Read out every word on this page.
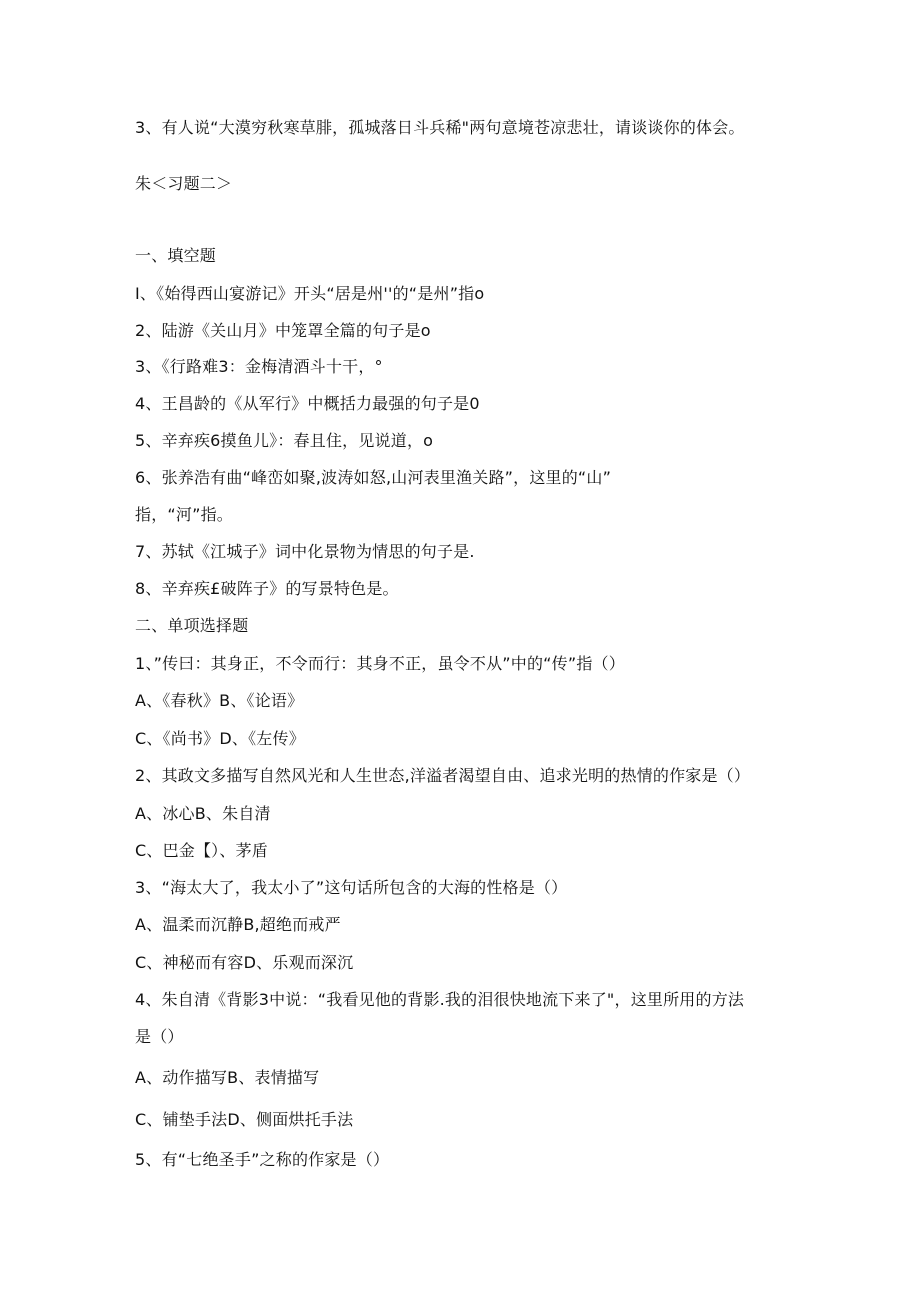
3、有人说“大漠穷秋寒草腓，孤城落日斗兵稀"两句意境苍凉悲壮，请谈谈你的体会。
朱＜习题二＞
一、填空题
I、《始得西山宴游记》开头“居是州''的“是州”指o
2、陆游《关山月》中笼罩全篇的句子是o
3、《行路难3：金梅清酒斗十干，°
4、王昌龄的《从军行》中概括力最强的句子是0
5、辛弃疾6摸鱼儿》：春且住，见说道，o
6、张养浩有曲“峰峦如聚,波涛如怒,山河表里渔关路”，这里的“山”
指，“河”指。
7、苏轼《江城子》词中化景物为情思的句子是.
8、辛弃疾£破阵子》的写景特色是。
二、单项选择题
1、”传曰：其身正，不令而行：其身不正，虽令不从”中的“传”指（）
A、《春秋》B、《论语》
C、《尚书》D、《左传》
2、其政文多描写自然风光和人生世态,洋溢者渴望自由、追求光明的热情的作家是（）
A、冰心B、朱自清
C、巴金【）、茅盾
3、“海太大了，我太小了”这句话所包含的大海的性格是（）
A、温柔而沉静B,超绝而戒严
C、神秘而有容D、乐观而深沉
4、朱自清《背影3中说：“我看见他的背影.我的泪很快地流下来了"，这里所用的方法
是（）
A、动作描写B、表情描写
C、铺垫手法D、侧面烘托手法
5、有“七绝圣手”之称的作家是（）
